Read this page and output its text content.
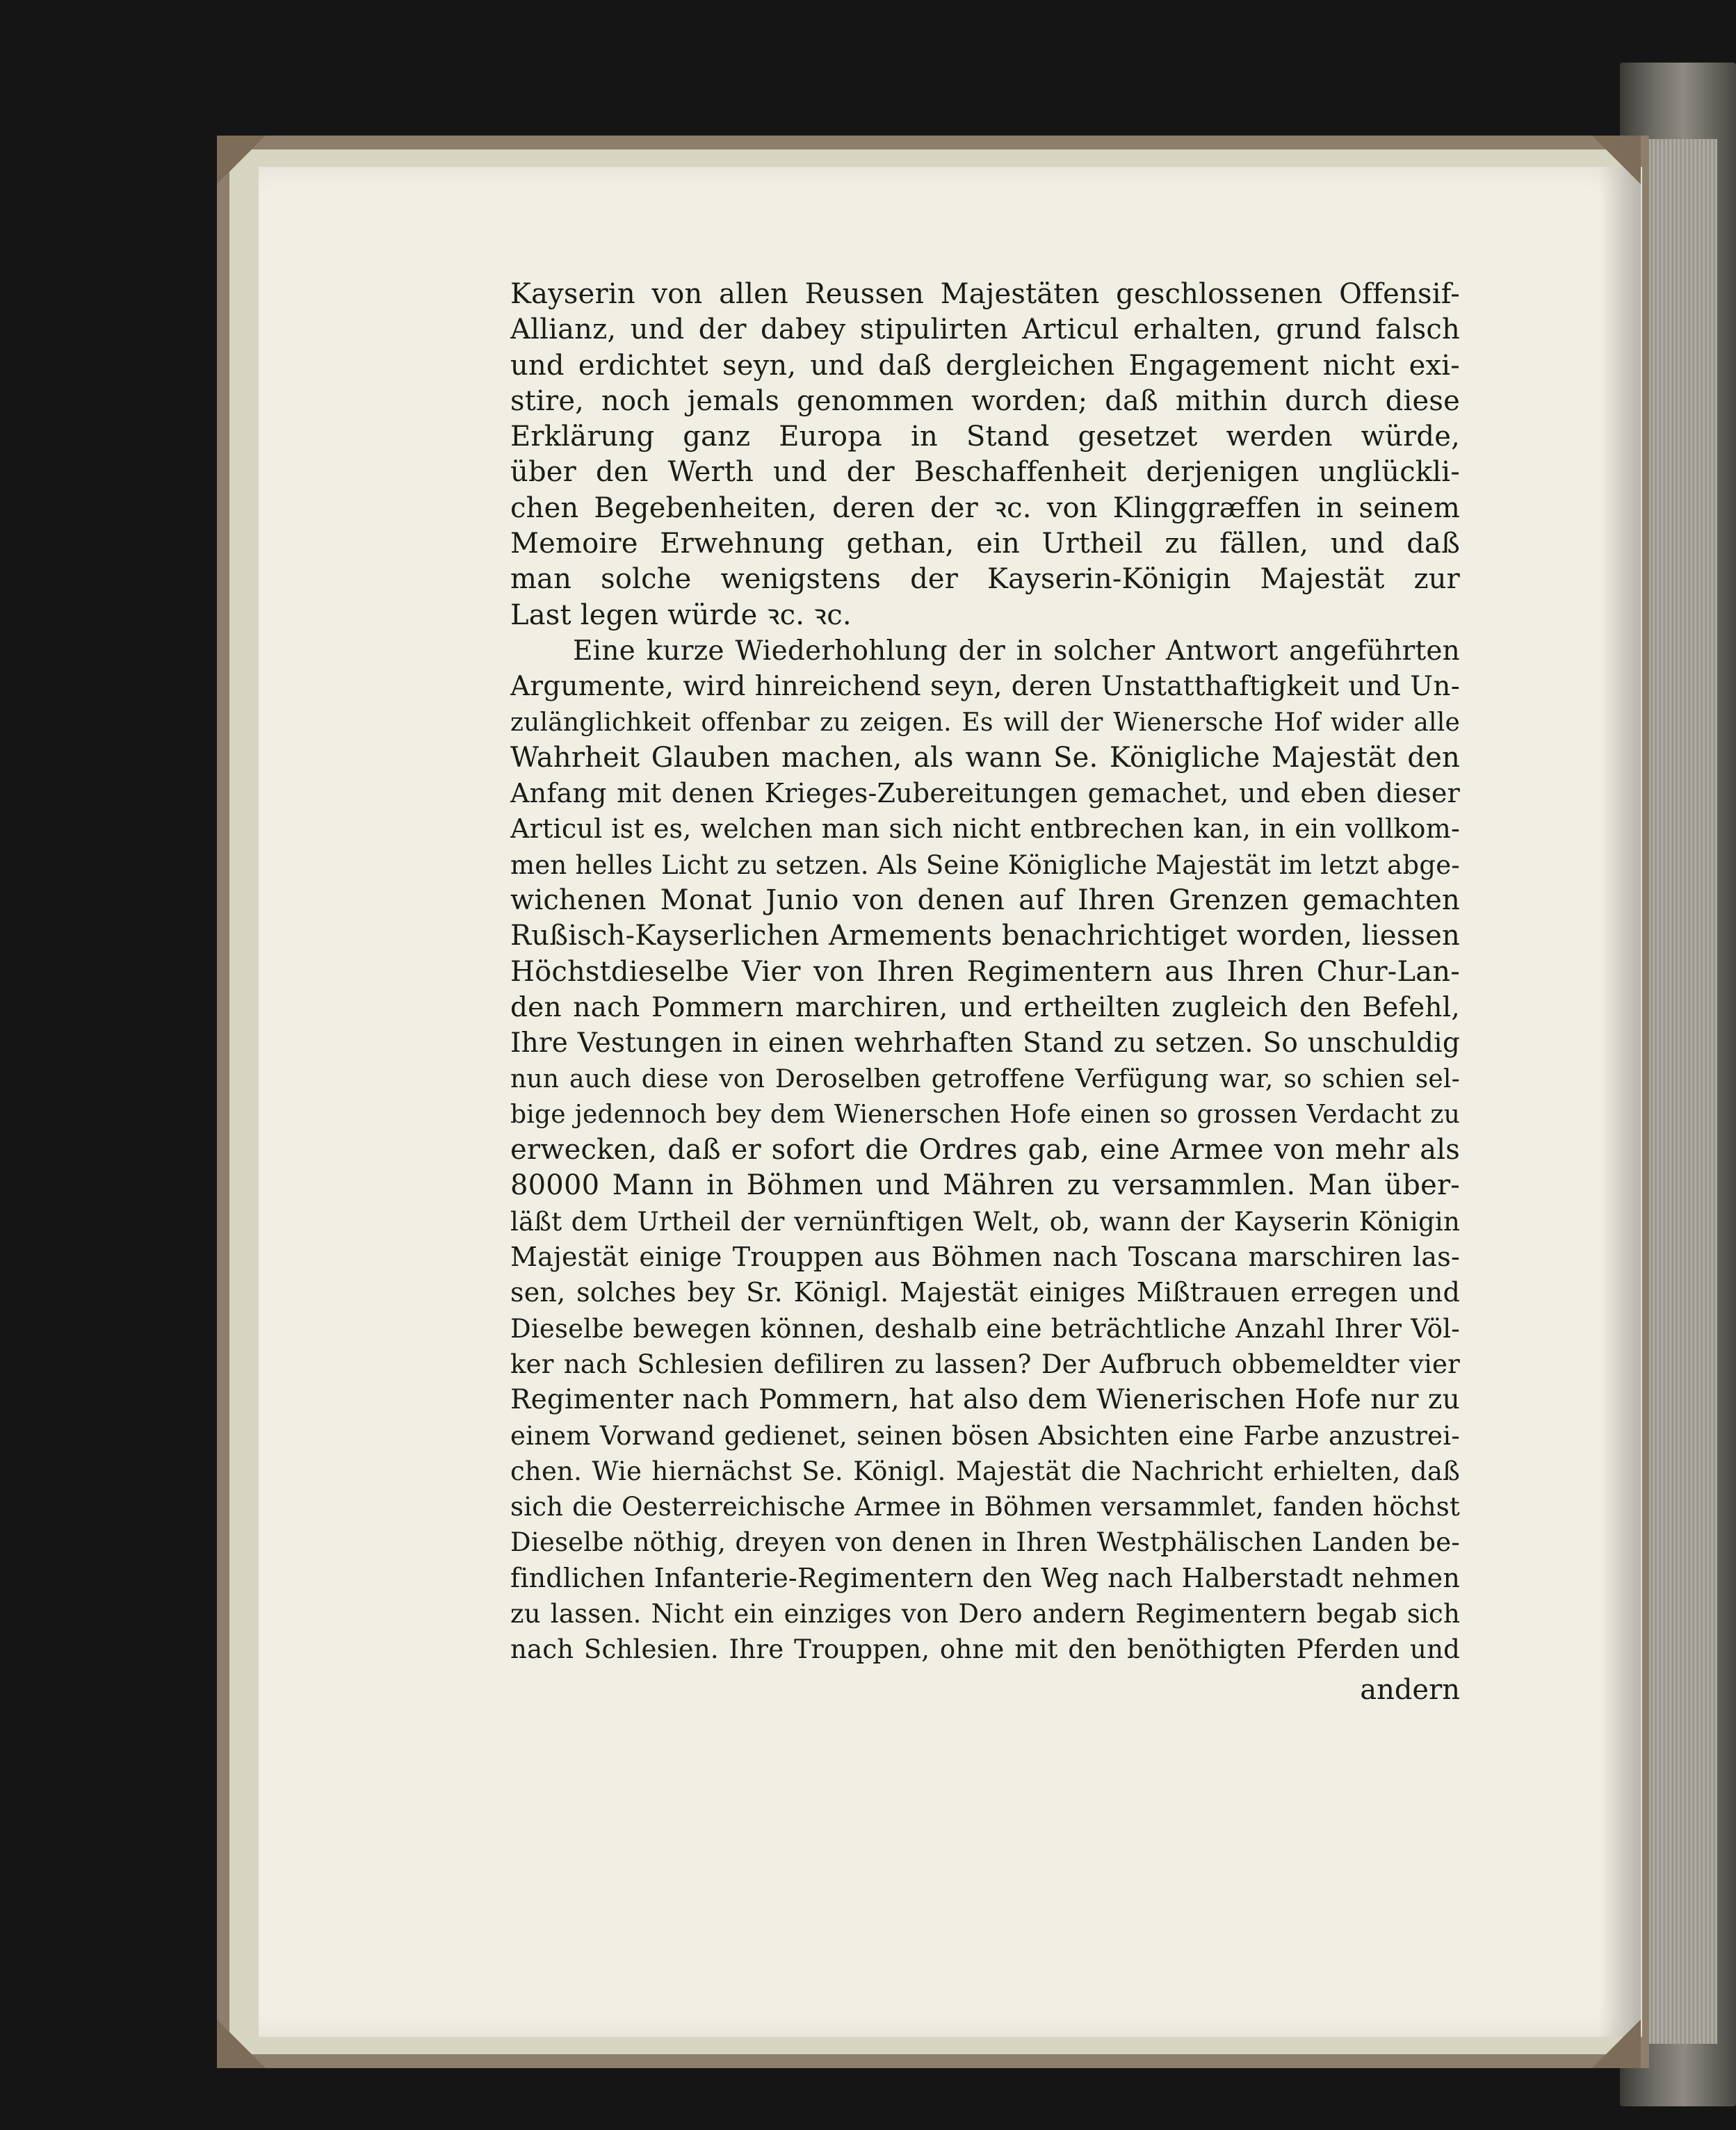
Kayserin von allen Reussen Majestäten geschlossenen Offensif-
Allianz, und der dabey stipulirten Articul erhalten, grund falsch
und erdichtet seyn, und daß dergleichen Engagement nicht exi-
stire, noch jemals genommen worden; daß mithin durch diese
Erklärung ganz Europa in Stand gesetzet werden würde,
über den Werth und der Beschaffenheit derjenigen unglückli-
chen Begebenheiten, deren der ꝛc. von Klinggræffen in seinem
Memoire Erwehnung gethan, ein Urtheil zu fällen, und daß
man solche wenigstens der Kayserin-Königin Majestät zur
Last legen würde ꝛc. ꝛc.
Eine kurze Wiederhohlung der in solcher Antwort angeführten
Argumente, wird hinreichend seyn, deren Unstatthaftigkeit und Un-
zulänglichkeit offenbar zu zeigen. Es will der Wienersche Hof wider alle
Wahrheit Glauben machen, als wann Se. Königliche Majestät den
Anfang mit denen Krieges-Zubereitungen gemachet, und eben dieser
Articul ist es, welchen man sich nicht entbrechen kan, in ein vollkom-
men helles Licht zu setzen. Als Seine Königliche Majestät im letzt abge-
wichenen Monat Junio von denen auf Ihren Grenzen gemachten
Rußisch-Kayserlichen Armements benachrichtiget worden, liessen
Höchstdieselbe Vier von Ihren Regimentern aus Ihren Chur-Lan-
den nach Pommern marchiren, und ertheilten zugleich den Befehl,
Ihre Vestungen in einen wehrhaften Stand zu setzen. So unschuldig
nun auch diese von Deroselben getroffene Verfügung war, so schien sel-
bige jedennoch bey dem Wienerschen Hofe einen so grossen Verdacht zu
erwecken, daß er sofort die Ordres gab, eine Armee von mehr als
80000 Mann in Böhmen und Mähren zu versammlen. Man über-
läßt dem Urtheil der vernünftigen Welt, ob, wann der Kayserin Königin
Majestät einige Trouppen aus Böhmen nach Toscana marschiren las-
sen, solches bey Sr. Königl. Majestät einiges Mißtrauen erregen und
Dieselbe bewegen können, deshalb eine beträchtliche Anzahl Ihrer Völ-
ker nach Schlesien defiliren zu lassen? Der Aufbruch obbemeldter vier
Regimenter nach Pommern, hat also dem Wienerischen Hofe nur zu
einem Vorwand gedienet, seinen bösen Absichten eine Farbe anzustrei-
chen. Wie hiernächst Se. Königl. Majestät die Nachricht erhielten, daß
sich die Oesterreichische Armee in Böhmen versammlet, fanden höchst
Dieselbe nöthig, dreyen von denen in Ihren Westphälischen Landen be-
findlichen Infanterie-Regimentern den Weg nach Halberstadt nehmen
zu lassen. Nicht ein einziges von Dero andern Regimentern begab sich
nach Schlesien. Ihre Trouppen, ohne mit den benöthigten Pferden und
andern
